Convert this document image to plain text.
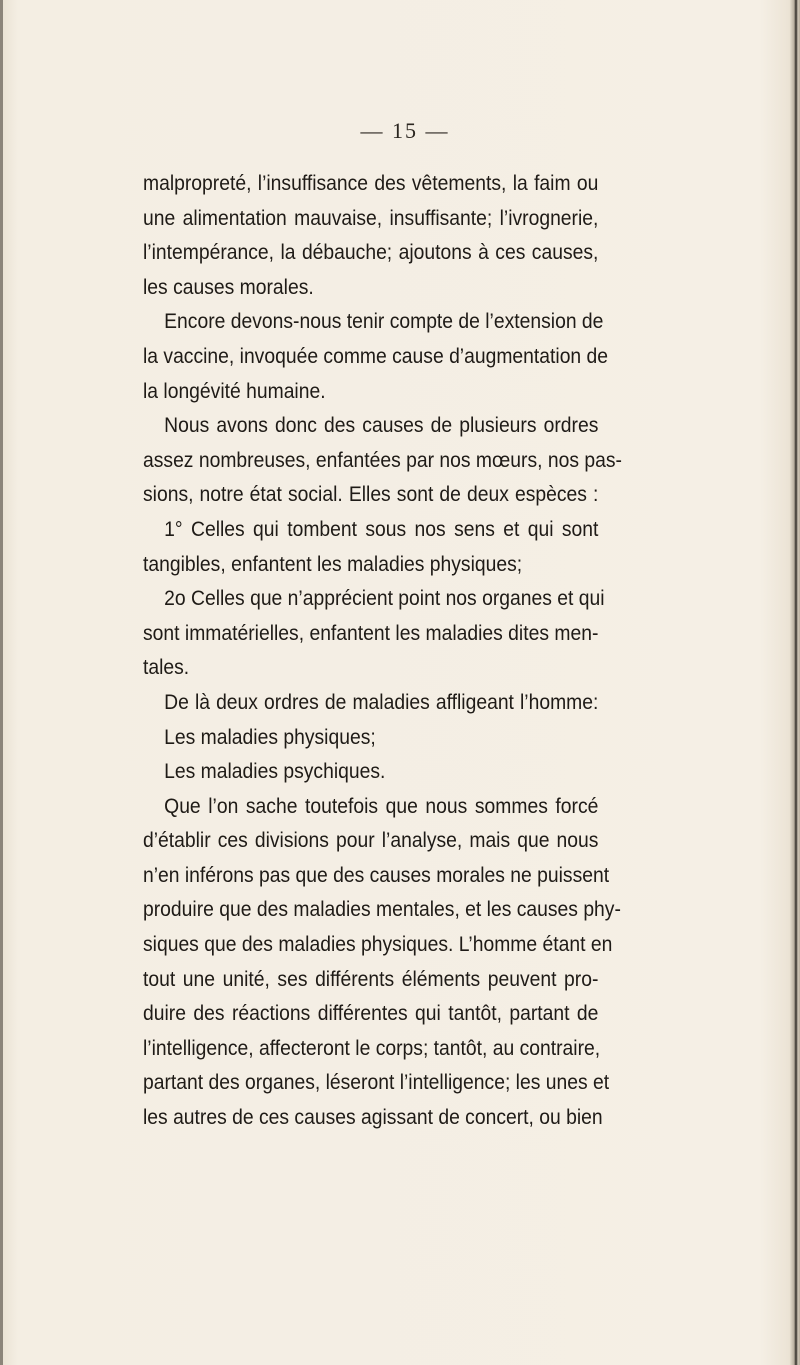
— 15 —
malpropreté, l’insuffisance des vêtements, la faim ou
une alimentation mauvaise, insuffisante; l’ivrognerie,
l’intempérance, la débauche; ajoutons à ces causes,
les causes morales.
Encore devons-nous tenir compte de l’extension de
la vaccine, invoquée comme cause d’augmentation de
la longévité humaine.
Nous avons donc des causes de plusieurs ordres
assez nombreuses, enfantées par nos mœurs, nos pas-
sions, notre état social. Elles sont de deux espèces :
1° Celles qui tombent sous nos sens et qui sont
tangibles, enfantent les maladies physiques;
2o Celles que n’apprécient point nos organes et qui
sont immatérielles, enfantent les maladies dites men-
tales.
De là deux ordres de maladies affligeant l’homme:
Les maladies physiques;
Les maladies psychiques.
Que l’on sache toutefois que nous sommes forcé
d’établir ces divisions pour l’analyse, mais que nous
n’en inférons pas que des causes morales ne puissent
produire que des maladies mentales, et les causes phy-
siques que des maladies physiques. L’homme étant en
tout une unité, ses différents éléments peuvent pro-
duire des réactions différentes qui tantôt, partant de
l’intelligence, affecteront le corps; tantôt, au contraire,
partant des organes, léseront l’intelligence; les unes et
les autres de ces causes agissant de concert, ou bien
